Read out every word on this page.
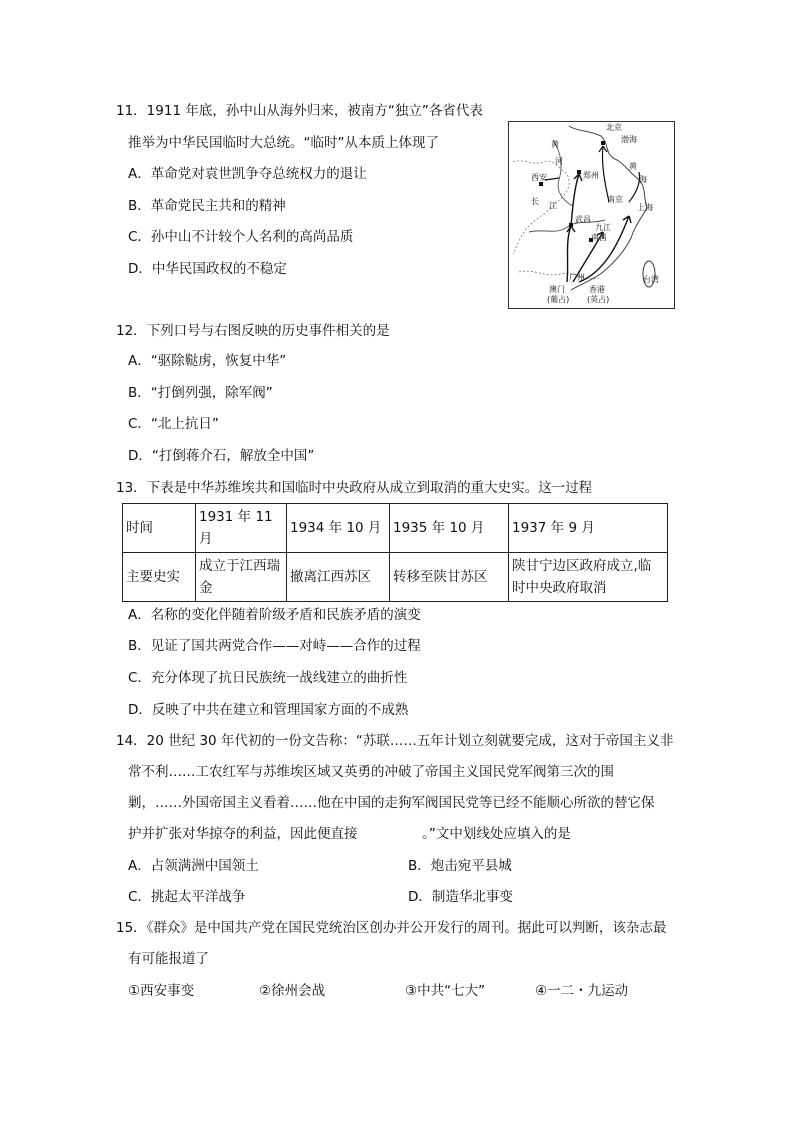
11．1911 年底，孙中山从海外归来，被南方“独立”各省代表
推举为中华民国临时大总统。“临时”从本质上体现了
A．革命党对袁世凯争夺总统权力的退让
B．革命党民主共和的精神
C．孙中山不计较个人名利的高尚品质
D．中华民国政权的不稳定
北京
渤海
黄
河
黄
海
西安	郑州
长 江
南京
上海
武昌
九江
南昌
广州
澳门
(葡占)
香港
(英占)
台湾
12．下列口号与右图反映的历史事件相关的是
A．“驱除鞑虏，恢复中华”
B．“打倒列强，除军阀”
C．“北上抗日”
D．“打倒蒋介石，解放全中国”
13．下表是中华苏维埃共和国临时中央政府从成立到取消的重大史实。这一过程
时间	1931 年 11 月	1934 年 10 月	1935 年 10 月	1937 年 9 月
主要史实	成立于江西瑞金	撤离江西苏区	转移至陕甘苏区	陕甘宁边区政府成立,临时中央政府取消
A．名称的变化伴随着阶级矛盾和民族矛盾的演变
B．见证了国共两党合作——对峙——合作的过程
C．充分体现了抗日民族统一战线建立的曲折性
D．反映了中共在建立和管理国家方面的不成熟
14．20 世纪 30 年代初的一份文告称：“苏联……五年计划立刻就要完成，这对于帝国主义非
常不利……工农红军与苏维埃区域又英勇的冲破了帝国主义国民党军阀第三次的围
剿，……外国帝国主义看着……他在中国的走狗军阀国民党等已经不能顺心所欲的替它保
护并扩张对华掠夺的利益，因此便直接	。”文中划线处应填入的是
A．占领满洲中国领土	B．炮击宛平县城
C．挑起太平洋战争	D．制造华北事变
15．《群众》是中国共产党在国民党统治区创办并公开发行的周刊。据此可以判断，该杂志最
有可能报道了
①西安事变	②徐州会战	③中共“七大”	④一二・九运动
